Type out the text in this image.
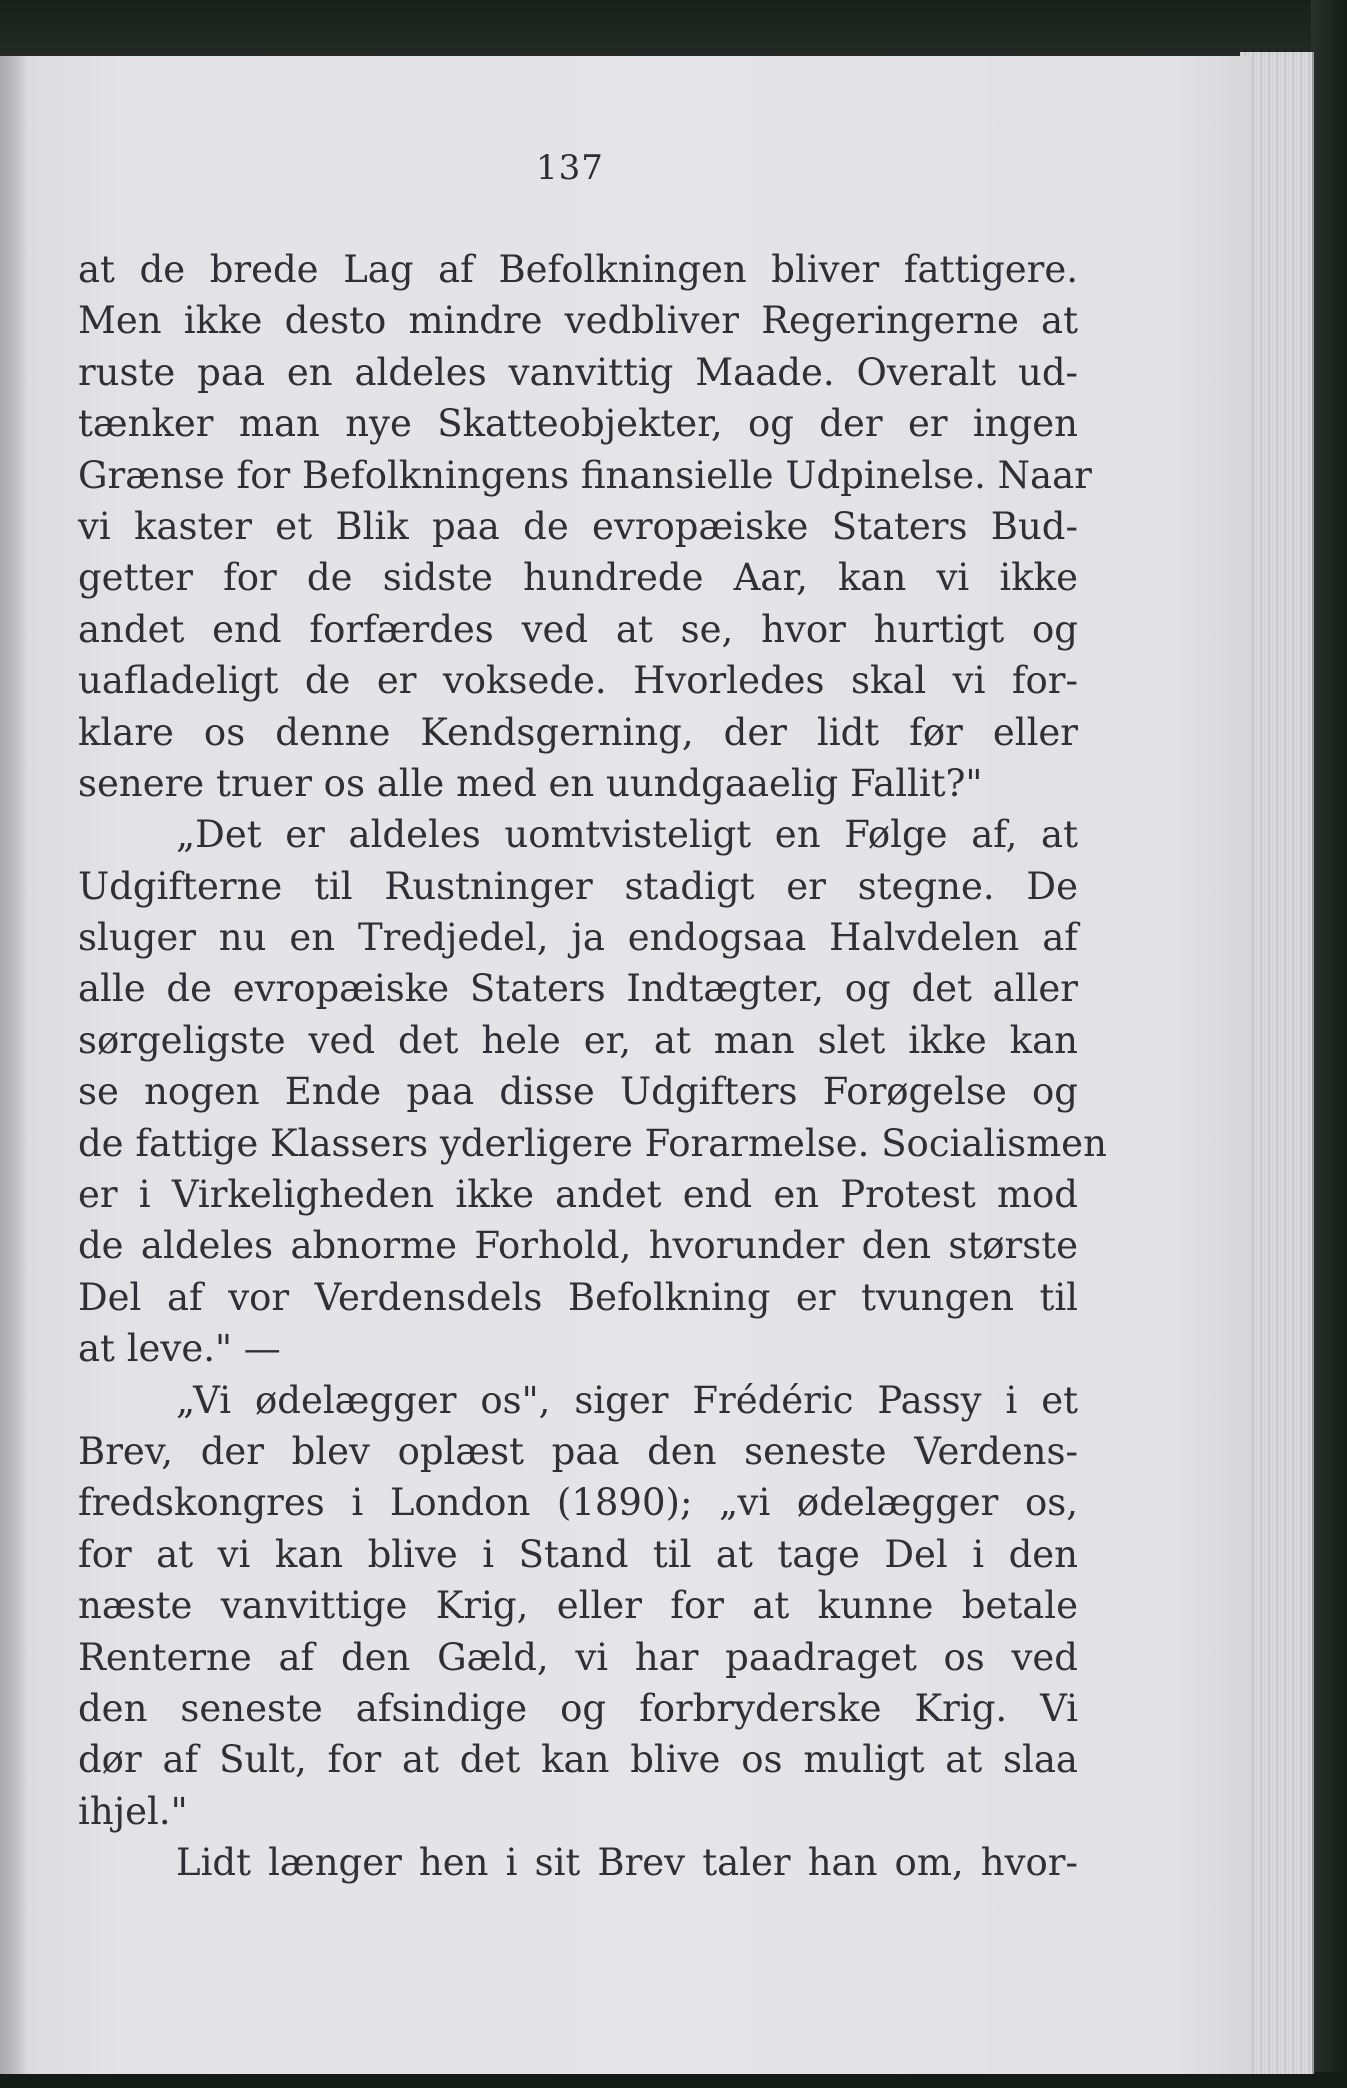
137
at de brede Lag af Befolkningen bliver fattigere.
Men ikke desto mindre vedbliver Regeringerne at
ruste paa en aldeles vanvittig Maade. Overalt ud-
tænker man nye Skatteobjekter, og der er ingen
Grænse for Befolkningens finansielle Udpinelse. Naar
vi kaster et Blik paa de evropæiske Staters Bud-
getter for de sidste hundrede Aar, kan vi ikke
andet end forfærdes ved at se, hvor hurtigt og
uafladeligt de er voksede. Hvorledes skal vi for-
klare os denne Kendsgerning, der lidt før eller
senere truer os alle med en uundgaaelig Fallit?"
„Det er aldeles uomtvisteligt en Følge af, at
Udgifterne til Rustninger stadigt er stegne. De
sluger nu en Tredjedel, ja endogsaa Halvdelen af
alle de evropæiske Staters Indtægter, og det aller
sørgeligste ved det hele er, at man slet ikke kan
se nogen Ende paa disse Udgifters Forøgelse og
de fattige Klassers yderligere Forarmelse. Socialismen
er i Virkeligheden ikke andet end en Protest mod
de aldeles abnorme Forhold, hvorunder den største
Del af vor Verdensdels Befolkning er tvungen til
at leve." —
„Vi ødelægger os", siger Frédéric Passy i et
Brev, der blev oplæst paa den seneste Verdens-
fredskongres i London (1890); „vi ødelægger os,
for at vi kan blive i Stand til at tage Del i den
næste vanvittige Krig, eller for at kunne betale
Renterne af den Gæld, vi har paadraget os ved
den seneste afsindige og forbryderske Krig. Vi
dør af Sult, for at det kan blive os muligt at slaa
ihjel."
Lidt længer hen i sit Brev taler han om, hvor-
